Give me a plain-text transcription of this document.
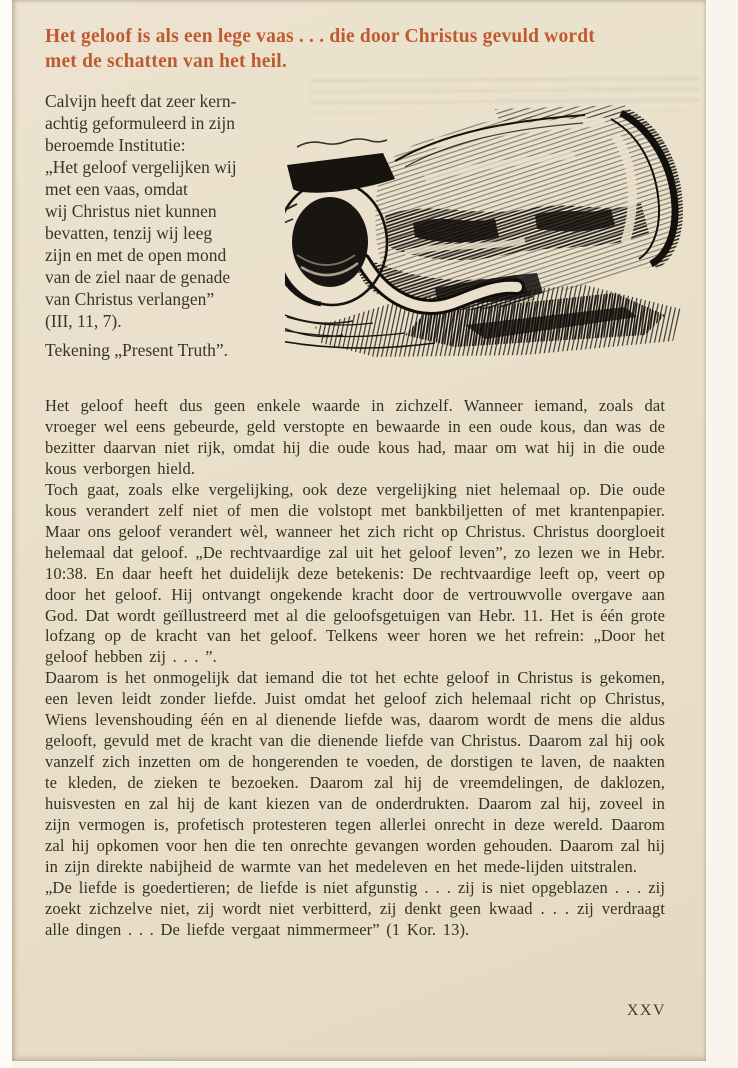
Het geloof is als een lege vaas . . . die door Christus gevuld wordt
met de schatten van het heil.
Calvijn heeft dat zeer kern-
achtig geformuleerd in zijn
beroemde Institutie:
„Het geloof vergelijken wij
met een vaas, omdat
wij Christus niet kunnen
bevatten, tenzij wij leeg
zijn en met de open mond
van de ziel naar de genade
van Christus verlangen”
(III, 11, 7).
Tekening „Present Truth”.

Het geloof heeft dus geen enkele waarde in zichzelf. Wanneer iemand, zoals dat vroeger wel eens gebeurde, geld verstopte en bewaarde in een oude kous, dan was de bezitter daarvan niet rijk, omdat hij die oude kous had, maar om wat hij in die oude kous verborgen hield.

Toch gaat, zoals elke vergelijking, ook deze vergelijking niet helemaal op. Die oude kous verandert zelf niet of men die volstopt met bankbiljetten of met krantenpapier. Maar ons geloof verandert wèl, wanneer het zich richt op Christus. Christus doorgloeit helemaal dat geloof. „De rechtvaardige zal uit het geloof leven”, zo lezen we in Hebr. 10:38. En daar heeft het duidelijk deze betekenis: De rechtvaardige leeft op, veert op door het geloof. Hij ontvangt ongekende kracht door de vertrouwvolle overgave aan God. Dat wordt geïllustreerd met al die geloofsgetuigen van Hebr. 11. Het is één grote lofzang op de kracht van het geloof. Telkens weer horen we het refrein: „Door het geloof hebben zij . . . ”.

Daarom is het onmogelijk dat iemand die tot het echte geloof in Christus is gekomen, een leven leidt zonder liefde. Juist omdat het geloof zich helemaal richt op Christus, Wiens levenshouding één en al dienende liefde was, daarom wordt de mens die aldus gelooft, gevuld met de kracht van die dienende liefde van Christus. Daarom zal hij ook vanzelf zich inzetten om de hongerenden te voeden, de dorstigen te laven, de naakten te kleden, de zieken te bezoeken. Daarom zal hij de vreemdelingen, de daklozen, huisvesten en zal hij de kant kiezen van de onderdrukten. Daarom zal hij, zoveel in zijn vermogen is, profetisch protesteren tegen allerlei onrecht in deze wereld. Daarom zal hij opkomen voor hen die ten onrechte gevangen worden gehouden. Daarom zal hij in zijn direkte nabijheid de warmte van het medeleven en het mede-lijden uitstralen.

„De liefde is goedertieren; de liefde is niet afgunstig . . . zij is niet opgeblazen . . . zij zoekt zichzelve niet, zij wordt niet verbitterd, zij denkt geen kwaad . . . zij verdraagt alle dingen . . . De liefde vergaat nimmermeer” (1 Kor. 13).

XXV
